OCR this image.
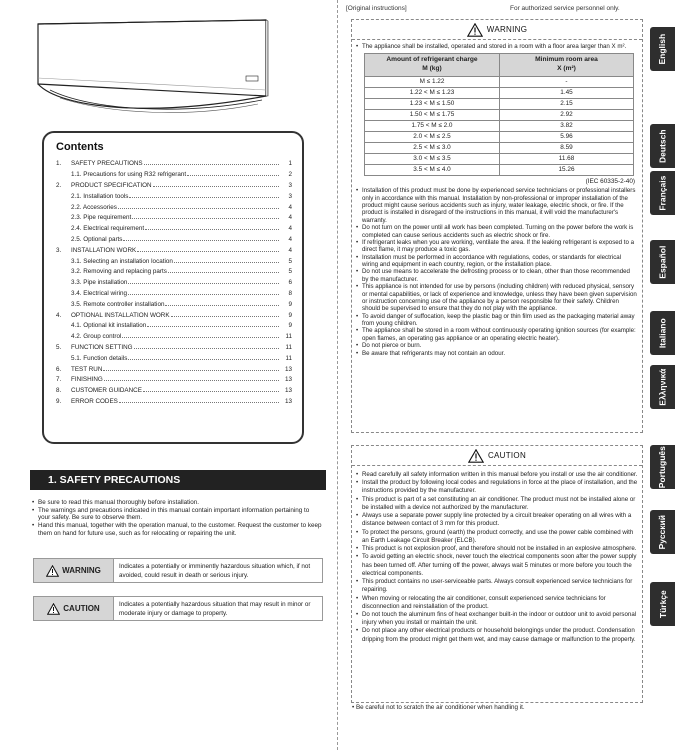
Contents
1.	SAFETY PRECAUTIONS	1
1.1. Precautions for using R32 refrigerant	2
2.	PRODUCT SPECIFICATION	3
2.1. Installation tools	3
2.2. Accessories	4
2.3. Pipe requirement	4
2.4. Electrical requirement	4
2.5. Optional parts	4
3.	INSTALLATION WORK	4
3.1. Selecting an installation location	5
3.2. Removing and replacing parts	5
3.3. Pipe installation	6
3.4. Electrical wiring	8
3.5. Remote controller installation	9
4.	OPTIONAL INSTALLATION WORK	9
4.1. Optional kit installation	9
4.2. Group control	11
5.	FUNCTION SETTING	11
5.1. Function details	11
6.	TEST RUN	13
7.	FINISHING	13
8.	CUSTOMER GUIDANCE	13
9.	ERROR CODES	13
1. SAFETY PRECAUTIONS
• Be sure to read this manual thoroughly before installation.
• The warnings and precautions indicated in this manual contain important information pertaining to your safety. Be sure to observe them.
• Hand this manual, together with the operation manual, to the customer. Request the customer to keep them on hand for future use, such as for relocating or repairing the unit.
WARNING	Indicates a potentially or imminently hazardous situation which, if not avoided, could result in death or serious injury.
CAUTION	Indicates a potentially hazardous situation that may result in minor or moderate injury or damage to property.
[Original instructions]	For authorized service personnel only.
WARNING
• The appliance shall be installed, operated and stored in a room with a floor area larger than X m².
Amount of refrigerant charge
M (kg)	Minimum room area
X (m²)
M ≤ 1.22	-
1.22 < M ≤ 1.23	1.45
1.23 < M ≤ 1.50	2.15
1.50 < M ≤ 1.75	2.92
1.75 < M ≤ 2.0	3.82
2.0 < M ≤ 2.5	5.96
2.5 < M ≤ 3.0	8.59
3.0 < M ≤ 3.5	11.68
3.5 < M ≤ 4.0	15.26
(IEC 60335-2-40)
• Installation of this product must be done by experienced service technicians or professional installers only in accordance with this manual. Installation by non-professional or improper installation of the product might cause serious accidents such as injury, water leakage, electric shock, or fire. If the product is installed in disregard of the instructions in this manual, it will void the manufacturer's warranty.
• Do not turn on the power until all work has been completed. Turning on the power before the work is completed can cause serious accidents such as electric shock or fire.
• If refrigerant leaks when you are working, ventilate the area. If the leaking refrigerant is exposed to a direct flame, it may produce a toxic gas.
• Installation must be performed in accordance with regulations, codes, or standards for electrical wiring and equipment in each country, region, or the installation place.
• Do not use means to accelerate the defrosting process or to clean, other than those recommended by the manufacturer.
• This appliance is not intended for use by persons (including children) with reduced physical, sensory or mental capabilities, or lack of experience and knowledge, unless they have been given supervision or instruction concerning use of the appliance by a person responsible for their safety. Children should be supervised to ensure that they do not play with the appliance.
• To avoid danger of suffocation, keep the plastic bag or thin film used as the packaging material away from young children.
• The appliance shall be stored in a room without continuously operating ignition sources (for example: open flames, an operating gas appliance or an operating electric heater).
• Do not pierce or burn.
• Be aware that refrigerants may not contain an odour.
CAUTION
• Read carefully all safety information written in this manual before you install or use the air conditioner.
• Install the product by following local codes and regulations in force at the place of installation, and the instructions provided by the manufacturer.
• This product is part of a set constituting an air conditioner. The product must not be installed alone or be installed with a device not authorized by the manufacturer.
• Always use a separate power supply line protected by a circuit breaker operating on all wires with a distance between contact of 3 mm for this product.
• To protect the persons, ground (earth) the product correctly, and use the power cable combined with an Earth Leakage Circuit Breaker (ELCB).
• This product is not explosion proof, and therefore should not be installed in an explosive atmosphere.
• To avoid getting an electric shock, never touch the electrical components soon after the power supply has been turned off. After turning off the power, always wait 5 minutes or more before you touch the electrical components.
• This product contains no user-serviceable parts. Always consult experienced service technicians for repairing.
• When moving or relocating the air conditioner, consult experienced service technicians for disconnection and reinstallation of the product.
• Do not touch the aluminum fins of heat exchanger built-in the indoor or outdoor unit to avoid personal injury when you install or maintain the unit.
• Do not place any other electrical products or household belongings under the product. Condensation dripping from the product might get them wet, and may cause damage or malfunction to the property.
• Be careful not to scratch the air conditioner when handling it.
English
Deutsch
Français
Español
Italiano
Ελληνικά
Português
Русский
Türkçe
